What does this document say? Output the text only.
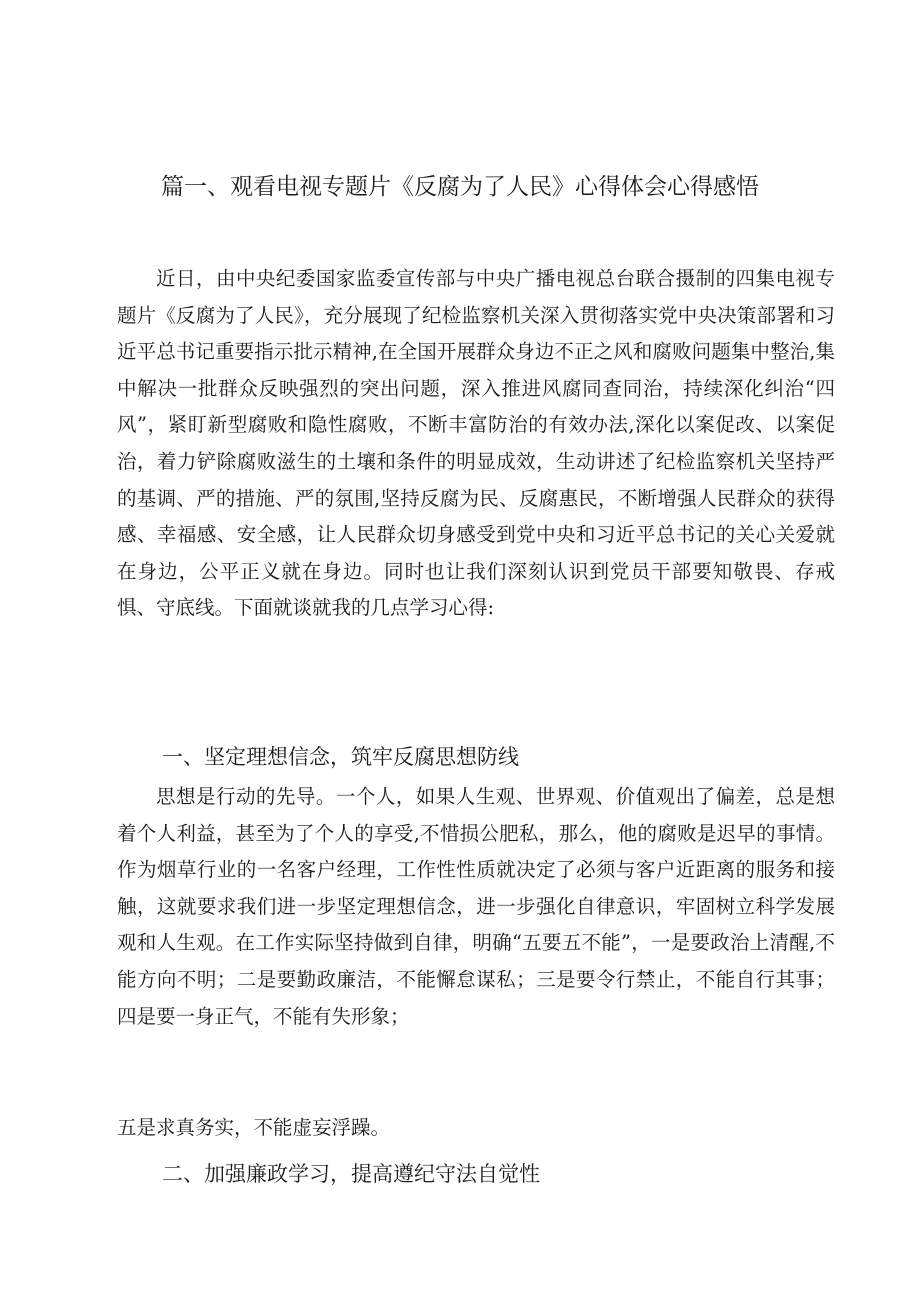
篇一、观看电视专题片《反腐为了人民》心得体会心得感悟

近日，由中央纪委国家监委宣传部与中央广播电视总台联合摄制的四集电视专题片《反腐为了人民》，充分展现了纪检监察机关深入贯彻落实党中央决策部署和习近平总书记重要指示批示精神,在全国开展群众身边不正之风和腐败问题集中整治,集中解决一批群众反映强烈的突出问题，深入推进风腐同查同治，持续深化纠治“四风”，紧盯新型腐败和隐性腐败，不断丰富防治的有效办法,深化以案促改、以案促治，着力铲除腐败滋生的土壤和条件的明显成效，生动讲述了纪检监察机关坚持严的基调、严的措施、严的氛围,坚持反腐为民、反腐惠民，不断增强人民群众的获得感、幸福感、安全感，让人民群众切身感受到党中央和习近平总书记的关心关爱就在身边，公平正义就在身边。同时也让我们深刻认识到党员干部要知敬畏、存戒惧、守底线。下面就谈就我的几点学习心得:

一、坚定理想信念，筑牢反腐思想防线

思想是行动的先导。一个人，如果人生观、世界观、价值观出了偏差，总是想着个人利益，甚至为了个人的享受,不惜损公肥私，那么，他的腐败是迟早的事情。作为烟草行业的一名客户经理，工作性性质就决定了必须与客户近距离的服务和接触，这就要求我们进一步坚定理想信念，进一步强化自律意识，牢固树立科学发展观和人生观。在工作实际坚持做到自律，明确“五要五不能”，一是要政治上清醒,不能方向不明；二是要勤政廉洁，不能懈怠谋私；三是要令行禁止，不能自行其事；四是要一身正气，不能有失形象；

五是求真务实，不能虚妄浮躁。

二、加强廉政学习，提高遵纪守法自觉性
